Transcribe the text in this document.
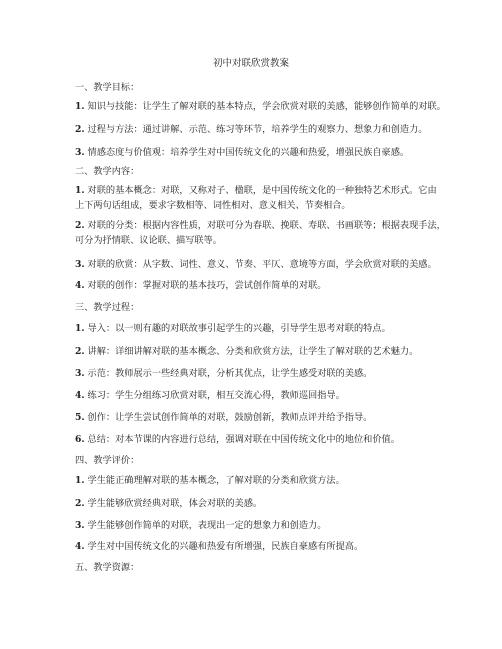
初中对联欣赏教案
一、教学目标：
1. 知识与技能：让学生了解对联的基本特点，学会欣赏对联的美感，能够创作简单的对联。
2. 过程与方法：通过讲解、示范、练习等环节，培养学生的观察力、想象力和创造力。
3. 情感态度与价值观：培养学生对中国传统文化的兴趣和热爱，增强民族自豪感。
二、教学内容：
1. 对联的基本概念：对联，又称对子、楹联，是中国传统文化的一种独特艺术形式。它由
上下两句话组成，要求字数相等、词性相对、意义相关、节奏相合。
2. 对联的分类：根据内容性质，对联可分为春联、挽联、寿联、书画联等；根据表现手法，
可分为抒情联、议论联、描写联等。
3. 对联的欣赏：从字数、词性、意义、节奏、平仄、意境等方面，学会欣赏对联的美感。
4. 对联的创作：掌握对联的基本技巧，尝试创作简单的对联。
三、教学过程：
1. 导入：以一则有趣的对联故事引起学生的兴趣，引导学生思考对联的特点。
2. 讲解：详细讲解对联的基本概念、分类和欣赏方法，让学生了解对联的艺术魅力。
3. 示范：教师展示一些经典对联，分析其优点，让学生感受对联的美感。
4. 练习：学生分组练习欣赏对联，相互交流心得，教师巡回指导。
5. 创作：让学生尝试创作简单的对联，鼓励创新，教师点评并给予指导。
6. 总结：对本节课的内容进行总结，强调对联在中国传统文化中的地位和价值。
四、教学评价：
1. 学生能正确理解对联的基本概念，了解对联的分类和欣赏方法。
2. 学生能够欣赏经典对联，体会对联的美感。
3. 学生能够创作简单的对联，表现出一定的想象力和创造力。
4. 学生对中国传统文化的兴趣和热爱有所增强，民族自豪感有所提高。
五、教学资源：
